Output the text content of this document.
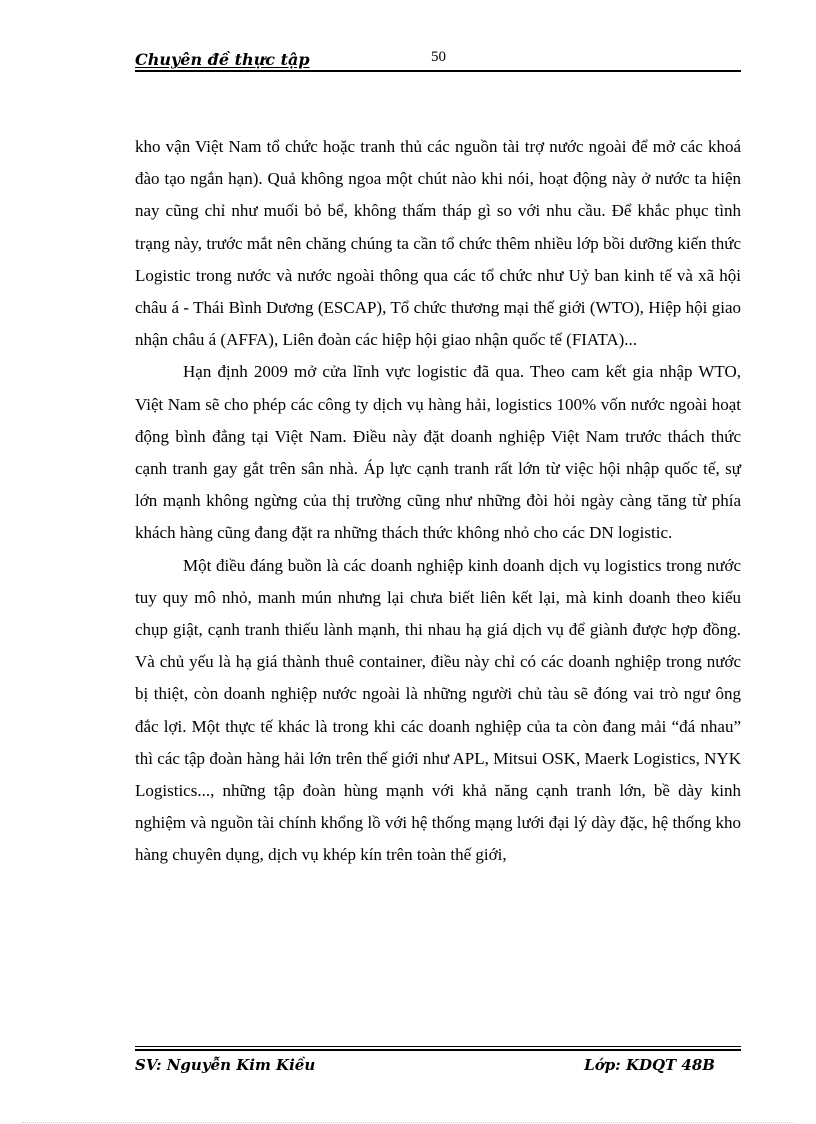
Chuyên đề thực tập	50

kho vận Việt Nam tổ chức hoặc tranh thủ các nguồn tài trợ nước ngoài để mở các khoá đào tạo ngắn hạn). Quả không ngoa một chút nào khi nói, hoạt động này ở nước ta hiện nay cũng chỉ như muối bỏ bể, không thấm tháp gì so với nhu cầu. Để khắc phục tình trạng này, trước mắt nên chăng chúng ta cần tổ chức thêm nhiều lớp bồi dưỡng kiến thức Logistic trong nước và nước ngoài thông qua các tổ chức như Uỷ ban kinh tế và xã hội châu á - Thái Bình Dương (ESCAP), Tổ chức thương mại thế giới (WTO), Hiệp hội giao nhận châu á (AFFA), Liên đoàn các hiệp hội giao nhận quốc tế (FIATA)...

Hạn định 2009 mở cửa lĩnh vực logistic đã qua. Theo cam kết gia nhập WTO, Việt Nam sẽ cho phép các công ty dịch vụ hàng hải, logistics 100% vốn nước ngoài hoạt động bình đẳng tại Việt Nam. Điều này đặt doanh nghiệp Việt Nam trước thách thức cạnh tranh gay gắt trên sân nhà. Áp lực cạnh tranh rất lớn từ việc hội nhập quốc tế, sự lớn mạnh không ngừng của thị trường cũng như những đòi hỏi ngày càng tăng từ phía khách hàng cũng đang đặt ra những thách thức không nhỏ cho các DN logistic.

Một điều đáng buồn là các doanh nghiệp kinh doanh dịch vụ logistics trong nước tuy quy mô nhỏ, manh mún nhưng lại chưa biết liên kết lại, mà kinh doanh theo kiểu chụp giật, cạnh tranh thiếu lành mạnh, thi nhau hạ giá dịch vụ để giành được hợp đồng. Và chủ yếu là hạ giá thành thuê container, điều này chỉ có các doanh nghiệp trong nước bị thiệt, còn doanh nghiệp nước ngoài là những người chủ tàu sẽ đóng vai trò ngư ông đắc lợi. Một thực tế khác là trong khi các doanh nghiệp của ta còn đang mải “đá nhau” thì các tập đoàn hàng hải lớn trên thế giới như APL, Mitsui OSK, Maerk Logistics, NYK Logistics..., những tập đoàn hùng mạnh với khả năng cạnh tranh lớn, bề dày kinh nghiệm và nguồn tài chính khổng lồ với hệ thống mạng lưới đại lý dày đặc, hệ thống kho hàng chuyên dụng, dịch vụ khép kín trên toàn thế giới,

SV: Nguyễn Kim Kiều	Lớp: KDQT 48B
